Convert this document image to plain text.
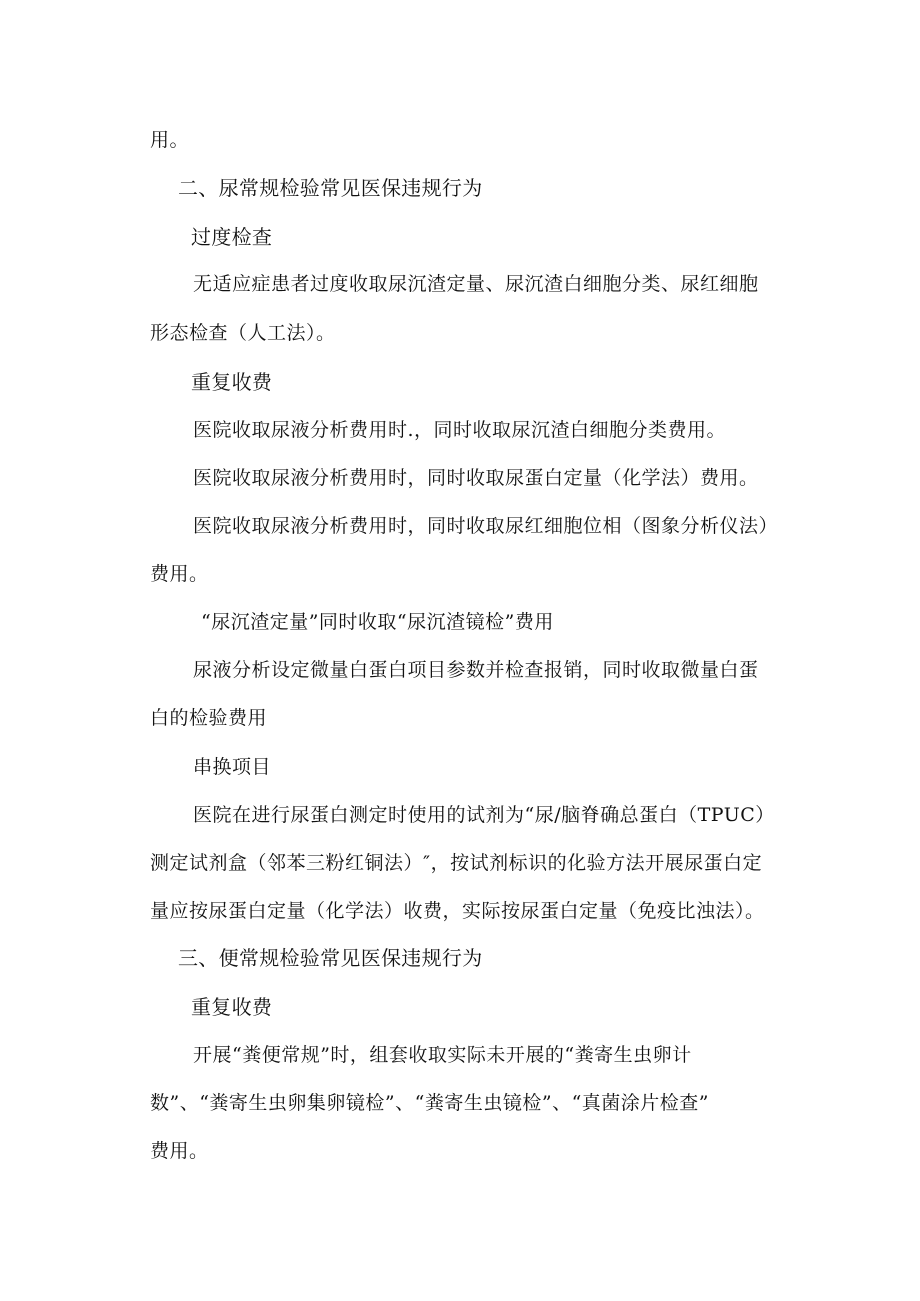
用。
二、尿常规检验常见医保违规行为
过度检查
无适应症患者过度收取尿沉渣定量、尿沉渣白细胞分类、尿红细胞
形态检查（人工法）。
重复收费
医院收取尿液分析费用时.，同时收取尿沉渣白细胞分类费用。
医院收取尿液分析费用时，同时收取尿蛋白定量（化学法）费用。
医院收取尿液分析费用时，同时收取尿红细胞位相（图象分析仪法）
费用。
“尿沉渣定量”同时收取“尿沉渣镜检”费用
尿液分析设定微量白蛋白项目参数并检查报销，同时收取微量白蛋
白的检验费用
串换项目
医院在进行尿蛋白测定时使用的试剂为“尿/脑脊确总蛋白（TPUC）
测定试剂盒（邻苯三粉红铜法）″，按试剂标识的化验方法开展尿蛋白定
量应按尿蛋白定量（化学法）收费，实际按尿蛋白定量（免疫比浊法）。
三、便常规检验常见医保违规行为
重复收费
开展“粪便常规”时，组套收取实际未开展的“粪寄生虫卵计
数”、“粪寄生虫卵集卵镜检”、“粪寄生虫镜检”、“真菌涂片检查”
费用。
